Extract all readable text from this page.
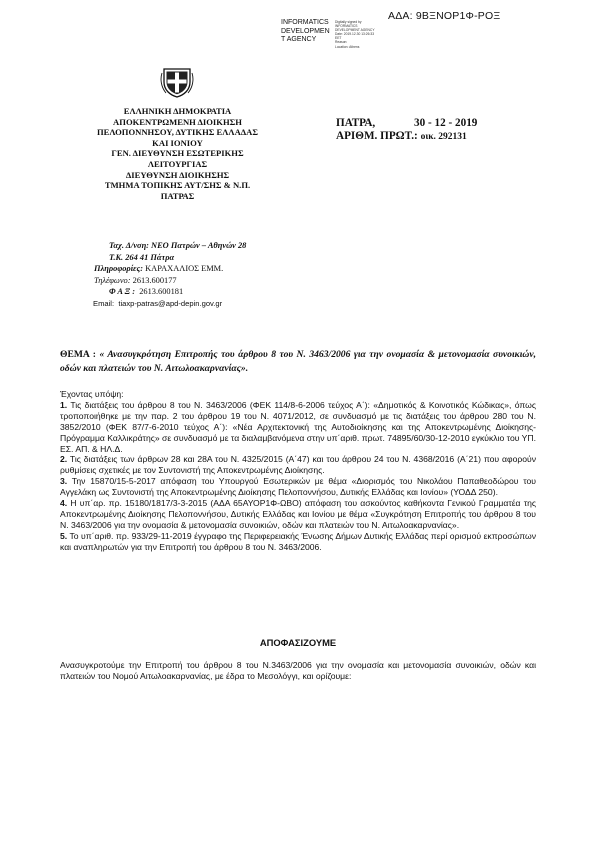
ΑΔΑ: 9ΒΞΝΟΡ1Φ-ΡΟΞ
INFORMATICS
DEVELOPMEN
T AGENCY
Digitally signed by
INFORMATICS
DEVELOPMENT AGENCY
Date: 2019.12.30 13:26:33
EET
Reason:
Location: Athens
ΕΛΛΗΝΙΚΗ ΔΗΜΟΚΡΑΤΙΑ
ΑΠΟΚΕΝΤΡΩΜΕΝΗ ΔΙΟΙΚΗΣΗ
ΠΕΛΟΠΟΝΝΗΣΟΥ, ΔΥΤΙΚΗΣ ΕΛΛΑΔΑΣ
ΚΑΙ ΙΟΝΙΟΥ
ΓΕΝ. ΔΙΕΥΘΥΝΣΗ ΕΣΩΤΕΡΙΚΗΣ
ΛΕΙΤΟΥΡΓΙΑΣ
ΔΙΕΥΘΥΝΣΗ ΔΙΟΙΚΗΣΗΣ
ΤΜΗΜΑ ΤΟΠΙΚΗΣ ΑΥΤ/ΣΗΣ & Ν.Π.
ΠΑΤΡΑΣ
ΠΑΤΡΑ,	30 - 12 - 2019
ΑΡΙΘΜ. ΠΡΩΤ.: οικ. 292131
Ταχ. Δ/νση: ΝΕΟ Πατρών – Αθηνών 28
Τ.Κ. 264 41 Πάτρα
Πληροφορίες: ΚΑΡΑΧΑΛΙΟΣ ΕΜΜ.
Τηλέφωνο: 2613.600177
Φ Α Ξ : 2613.600181
Email: tiaxp-patras@apd-depin.gov.gr
ΘΕΜΑ : « Ανασυγκρότηση Επιτροπής του άρθρου 8 του Ν. 3463/2006 για την ονομασία & μετονομασία συνοικιών, οδών και πλατειών του Ν. Αιτωλοακαρνανίας».

Έχοντας υπόψη:

1. Τις διατάξεις του άρθρου 8 του Ν. 3463/2006 (ΦΕΚ 114/8-6-2006 τεύχος Α΄): «Δημοτικός & Κοινοτικός Κώδικας», όπως τροποποιήθηκε με την παρ. 2 του άρθρου 19 του Ν. 4071/2012, σε συνδυασμό με τις διατάξεις του άρθρου 280 του Ν. 3852/2010 (ΦΕΚ 87/7-6-2010 τεύχος Α΄): «Νέα Αρχιτεκτονική της Αυτοδιοίκησης και της Αποκεντρωμένης Διοίκησης-Πρόγραμμα Καλλικράτης» σε συνδυασμό με τα διαλαμβανόμενα στην υπ΄αριθ. πρωτ. 74895/60/30-12-2010 εγκύκλιο του ΥΠ. ΕΣ. ΑΠ. & ΗΛ.Δ.

2. Τις διατάξεις των άρθρων 28 και 28Α του Ν. 4325/2015 (Α΄47) και του άρθρου 24 του Ν. 4368/2016 (Α΄21) που αφορούν ρυθμίσεις σχετικές με τον Συντονιστή της Αποκεντρωμένης Διοίκησης.

3. Την 15870/15-5-2017 απόφαση του Υπουργού Εσωτερικών με θέμα «Διορισμός του Νικολάου Παπαθεοδώρου του Αγγελάκη ως Συντονιστή της Αποκεντρωμένης Διοίκησης Πελοποννήσου, Δυτικής Ελλάδας και Ιονίου» (ΥΟΔΔ 250).

4. Η υπ΄αρ. πρ. 15180/1817/3-3-2015 (ΑΔΑ 65ΑΥΟΡ1Φ-ΩΒΟ) απόφαση του ασκούντος καθήκοντα Γενικού Γραμματέα της Αποκεντρωμένης Διοίκησης Πελοποννήσου, Δυτικής Ελλάδας και Ιονίου με θέμα «Συγκρότηση Επιτροπής του άρθρου 8 του Ν. 3463/2006 για την ονομασία & μετονομασία συνοικιών, οδών και πλατειών του Ν. Αιτωλοακαρνανίας».

5. Το υπ΄αριθ. πρ. 933/29-11-2019 έγγραφο της Περιφερειακής Ένωσης Δήμων Δυτικής Ελλάδας περί ορισμού εκπροσώπων και αναπληρωτών για την Επιτροπή του άρθρου 8 του Ν. 3463/2006.

ΑΠΟΦΑΣΙΖΟΥΜΕ
Ανασυγκροτούμε την Επιτροπή του άρθρου 8 του Ν.3463/2006 για την ονομασία και μετονομασία συνοικιών, οδών και πλατειών του Νομού Αιτωλοακαρνανίας, με έδρα το Μεσολόγγι, και ορίζουμε:
